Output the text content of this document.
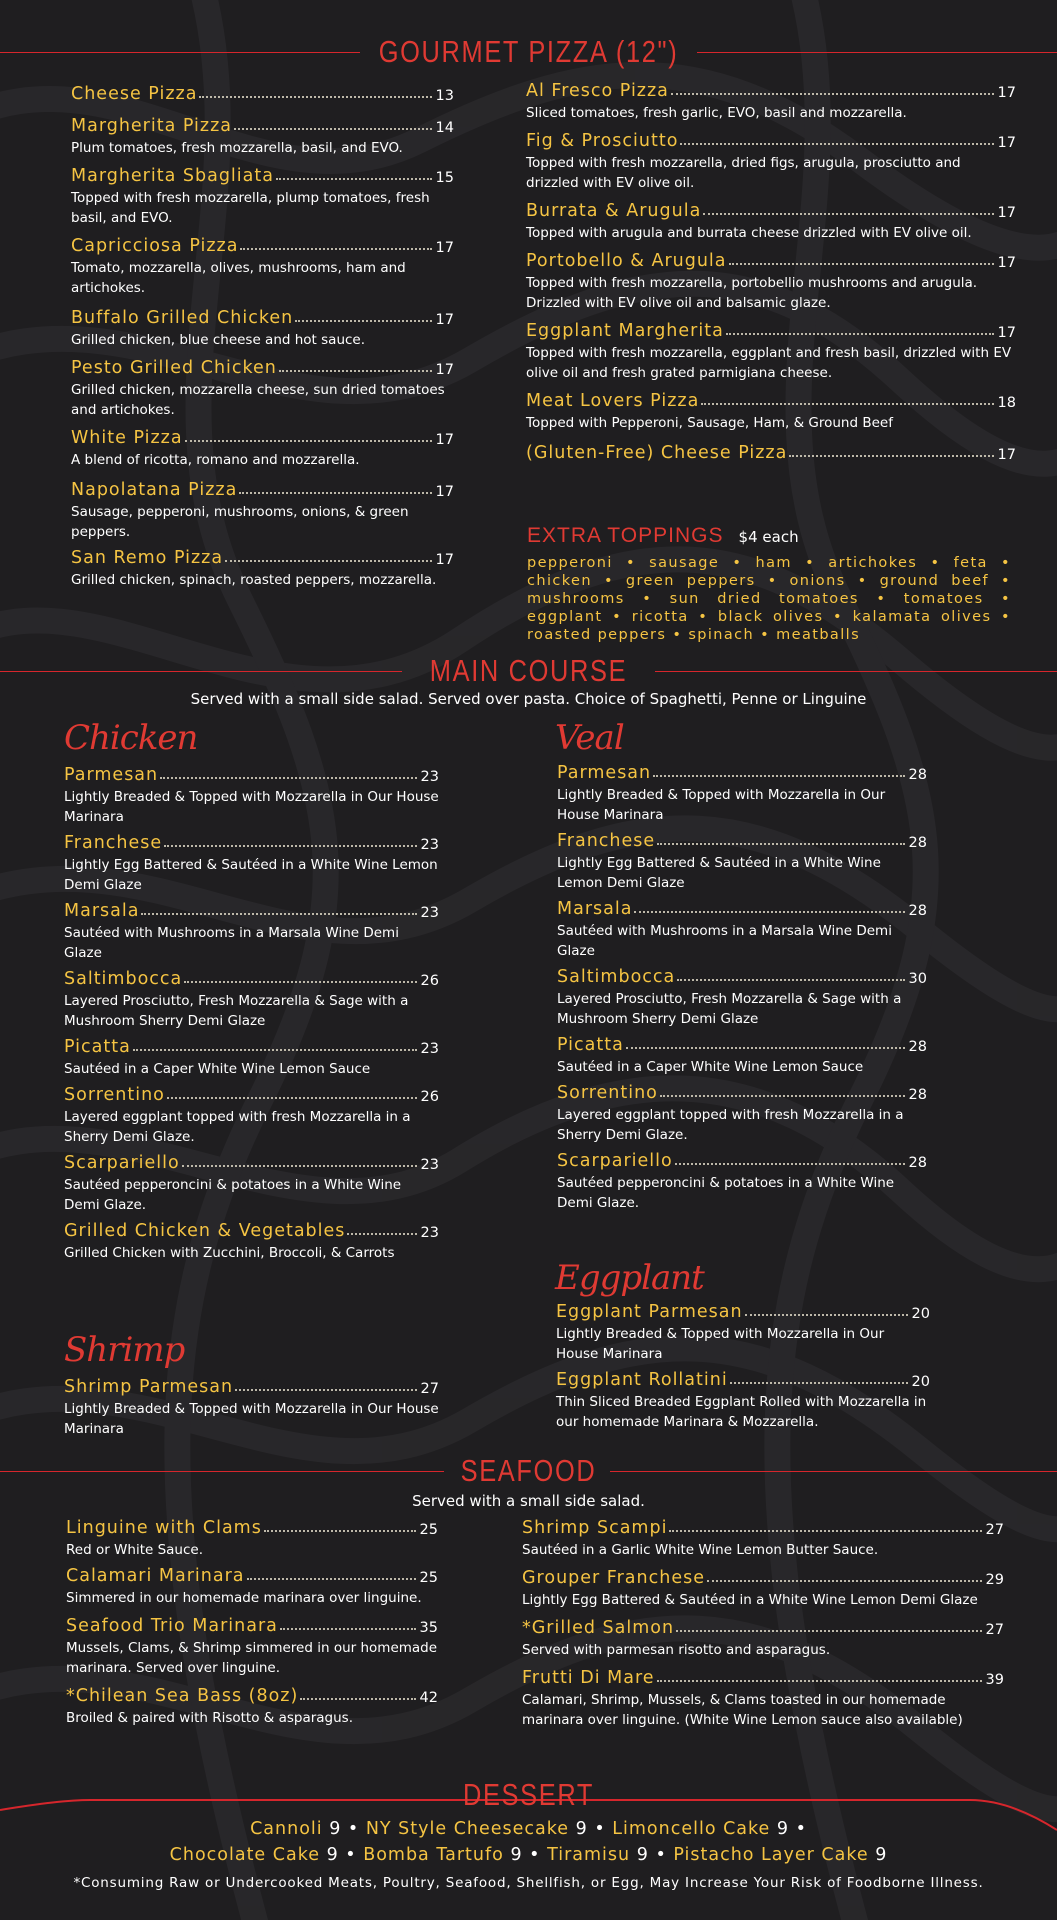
GOURMET PIZZA (12")
Cheese Pizza	13
Margherita Pizza	14
Plum tomatoes, fresh mozzarella, basil, and EVO.
Margherita Sbagliata	15
Topped with fresh mozzarella, plump tomatoes, fresh basil, and EVO.
Capricciosa Pizza	17
Tomato, mozzarella, olives, mushrooms, ham and artichokes.
Buffalo Grilled Chicken	17
Grilled chicken, blue cheese and hot sauce.
Pesto Grilled Chicken	17
Grilled chicken, mozzarella cheese, sun dried tomatoes and artichokes.
White Pizza	17
A blend of ricotta, romano and mozzarella.
Napolatana Pizza	17
Sausage, pepperoni, mushrooms, onions, & green peppers.
San Remo Pizza	17
Grilled chicken, spinach, roasted peppers, mozzarella.
Al Fresco Pizza	17
Sliced tomatoes, fresh garlic, EVO, basil and mozzarella.
Fig & Prosciutto	17
Topped with fresh mozzarella, dried figs, arugula, prosciutto and drizzled with EV olive oil.
Burrata & Arugula	17
Topped with arugula and burrata cheese drizzled with EV olive oil.
Portobello & Arugula	17
Topped with fresh mozzarella, portobellio mushrooms and arugula. Drizzled with EV olive oil and balsamic glaze.
Eggplant Margherita	17
Topped with fresh mozzarella, eggplant and fresh basil, drizzled with EV olive oil and fresh grated parmigiana cheese.
Meat Lovers Pizza	18
Topped with Pepperoni, Sausage, Ham, & Ground Beef
(Gluten-Free) Cheese Pizza	17
EXTRA TOPPINGS $4 each
pepperoni • sausage • ham • artichokes • feta • chicken • green peppers • onions • ground beef • mushrooms • sun dried tomatoes • tomatoes • eggplant • ricotta • black olives • kalamata olives • roasted peppers • spinach • meatballs
MAIN COURSE
Served with a small side salad. Served over pasta. Choice of Spaghetti, Penne or Linguine
Chicken
Parmesan	23
Lightly Breaded & Topped with Mozzarella in Our House Marinara
Franchese	23
Lightly Egg Battered & Sautéed in a White Wine Lemon Demi Glaze
Marsala	23
Sautéed with Mushrooms in a Marsala Wine Demi Glaze
Saltimbocca	26
Layered Prosciutto, Fresh Mozzarella & Sage with a Mushroom Sherry Demi Glaze
Picatta	23
Sautéed in a Caper White Wine Lemon Sauce
Sorrentino	26
Layered eggplant topped with fresh Mozzarella in a Sherry Demi Glaze.
Scarpariello	23
Sautéed pepperoncini & potatoes in a White Wine Demi Glaze.
Grilled Chicken & Vegetables	23
Grilled Chicken with Zucchini, Broccoli, & Carrots
Shrimp
Shrimp Parmesan	27
Lightly Breaded & Topped with Mozzarella in Our House Marinara
Veal
Parmesan	28
Lightly Breaded & Topped with Mozzarella in Our House Marinara
Franchese	28
Lightly Egg Battered & Sautéed in a White Wine Lemon Demi Glaze
Marsala	28
Sautéed with Mushrooms in a Marsala Wine Demi Glaze
Saltimbocca	30
Layered Prosciutto, Fresh Mozzarella & Sage with a Mushroom Sherry Demi Glaze
Picatta	28
Sautéed in a Caper White Wine Lemon Sauce
Sorrentino	28
Layered eggplant topped with fresh Mozzarella in a Sherry Demi Glaze.
Scarpariello	28
Sautéed pepperoncini & potatoes in a White Wine Demi Glaze.
Eggplant
Eggplant Parmesan	20
Lightly Breaded & Topped with Mozzarella in Our House Marinara
Eggplant Rollatini	20
Thin Sliced Breaded Eggplant Rolled with Mozzarella in our homemade Marinara & Mozzarella.
SEAFOOD
Served with a small side salad.
Linguine with Clams	25
Red or White Sauce.
Calamari Marinara	25
Simmered in our homemade marinara over linguine.
Seafood Trio Marinara	35
Mussels, Clams, & Shrimp simmered in our homemade marinara. Served over linguine.
*Chilean Sea Bass (8oz)	42
Broiled & paired with Risotto & asparagus.
Shrimp Scampi	27
Sautéed in a Garlic White Wine Lemon Butter Sauce.
Grouper Franchese	29
Lightly Egg Battered & Sautéed in a White Wine Lemon Demi Glaze
*Grilled Salmon	27
Served with parmesan risotto and asparagus.
Frutti Di Mare	39
Calamari, Shrimp, Mussels, & Clams toasted in our homemade marinara over linguine. (White Wine Lemon sauce also available)
DESSERT
Cannoli 9 • NY Style Cheesecake 9 • Limoncello Cake 9 •
Chocolate Cake 9 • Bomba Tartufo 9 • Tiramisu 9 • Pistacho Layer Cake 9
*Consuming Raw or Undercooked Meats, Poultry, Seafood, Shellfish, or Egg, May Increase Your Risk of Foodborne Illness.
